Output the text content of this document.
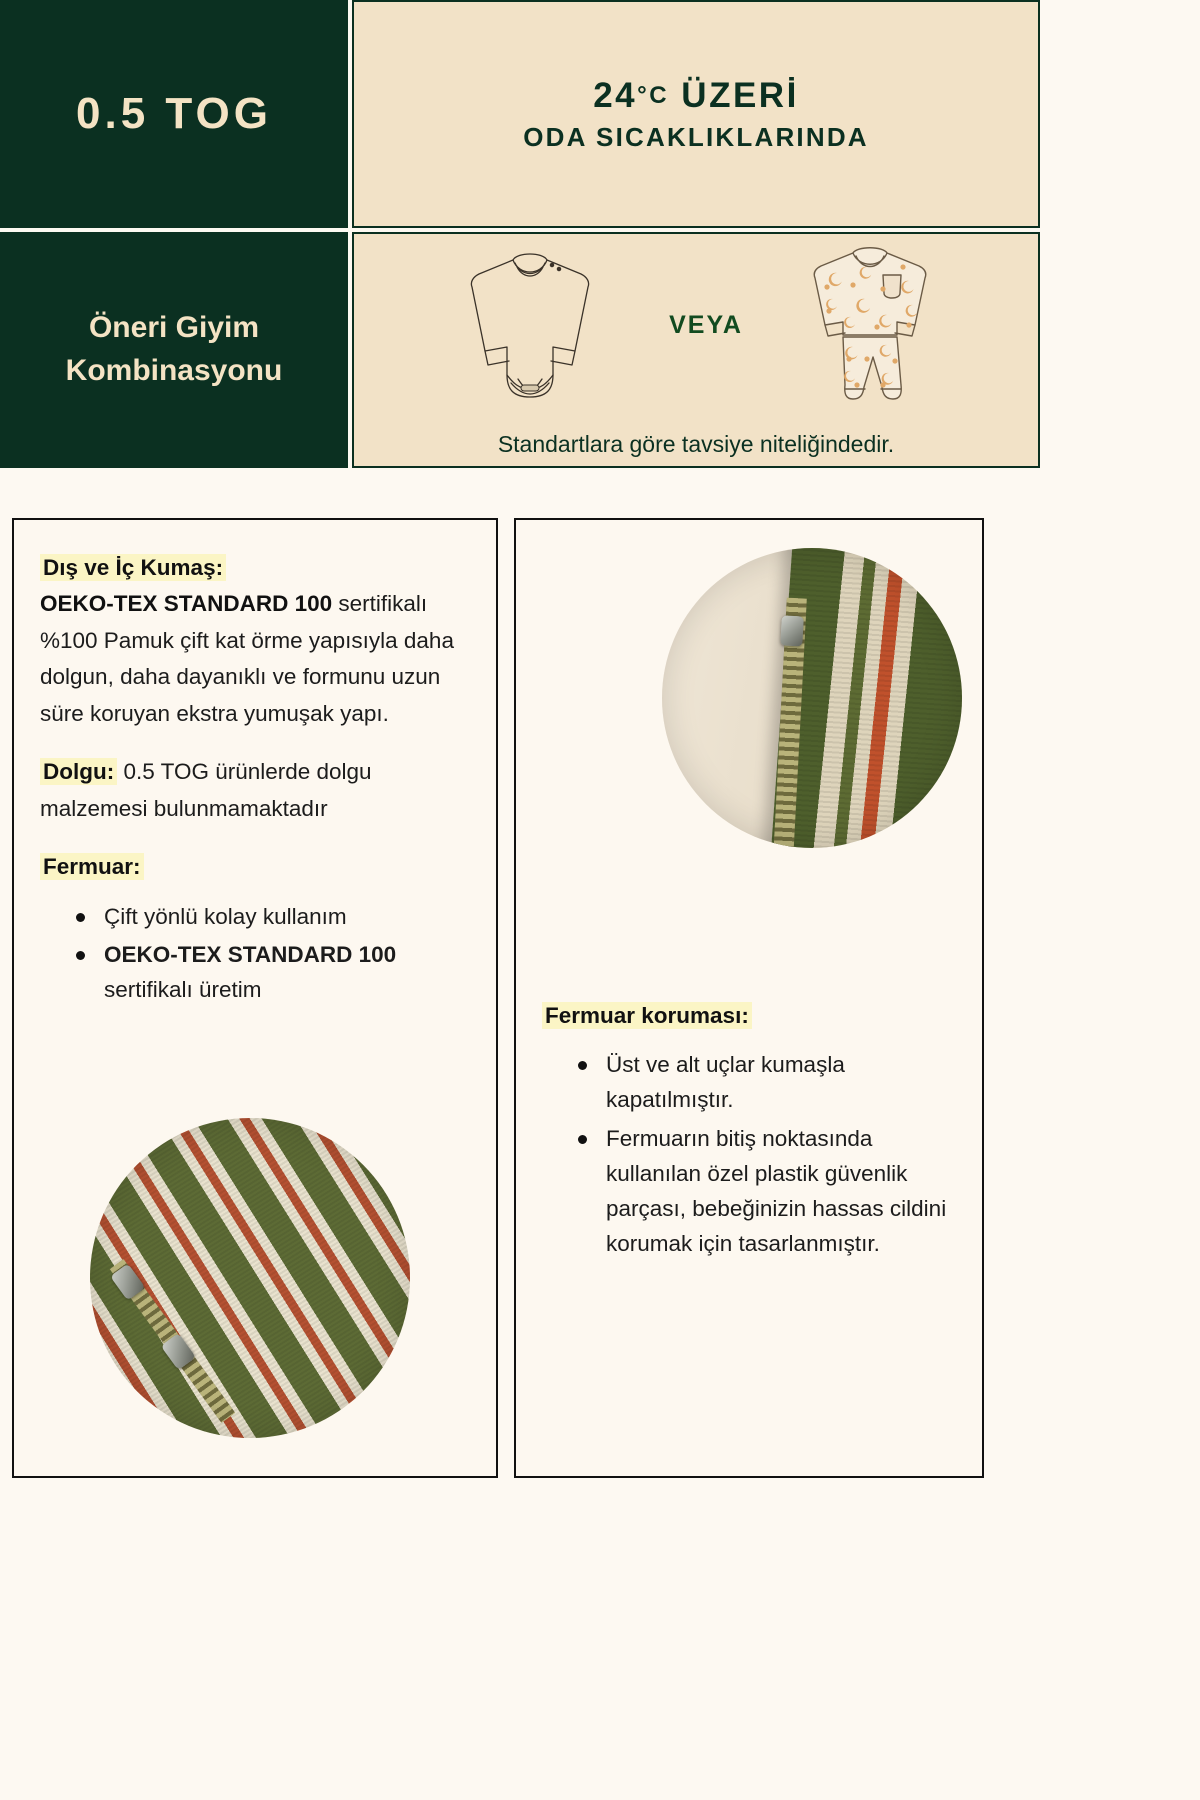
0.5 TOG	24°C ÜZERİ
ODA SICAKLIKLARINDA
Öneri Giyim
Kombinasyonu
VEYA
Standartlara göre tavsiye niteliğindedir.

Dış ve İç Kumaş:
OEKO-TEX STANDARD 100 sertifikalı %100 Pamuk çift kat örme yapısıyla daha dolgun, daha dayanıklı ve formunu uzun süre koruyan ekstra yumuşak yapı.

Dolgu: 0.5 TOG ürünlerde dolgu malzemesi bulunmamaktadır

Fermuar:

Çift yönlü kolay kullanım
OEKO-TEX STANDARD 100 sertifikalı üretim

Fermuar koruması:

Üst ve alt uçlar kumaşla kapatılmıştır.
Fermuarın bitiş noktasında kullanılan özel plastik güvenlik parçası, bebeğinizin hassas cildini korumak için tasarlanmıştır.
